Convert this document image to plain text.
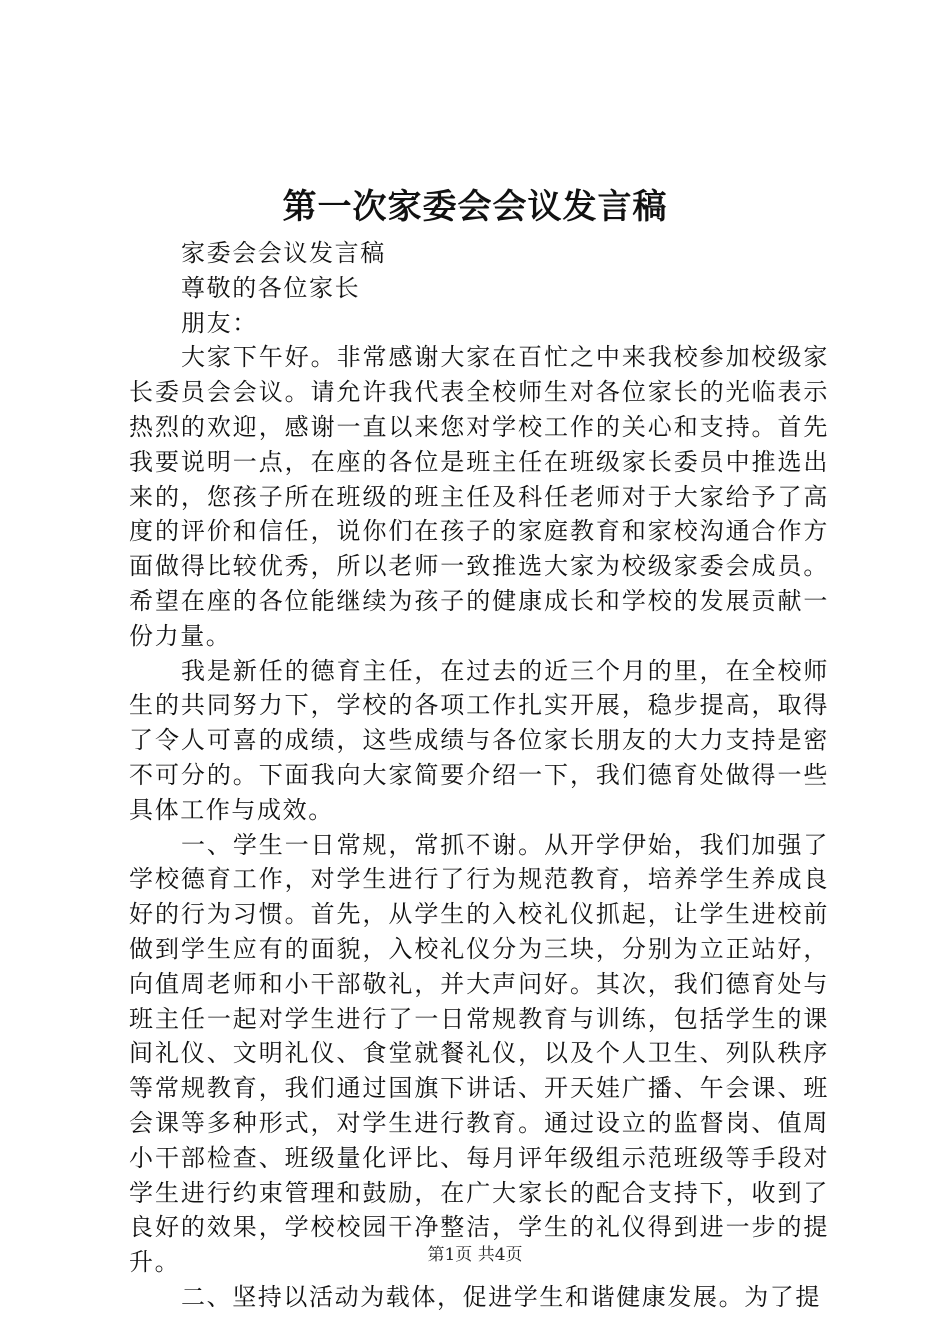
第一次家委会会议发言稿

家委会会议发言稿

尊敬的各位家长

朋友：

大家下午好。非常感谢大家在百忙之中来我校参加校级家长委员会会议。请允许我代表全校师生对各位家长的光临表示热烈的欢迎，感谢一直以来您对学校工作的关心和支持。首先我要说明一点，在座的各位是班主任在班级家长委员中推选出来的，您孩子所在班级的班主任及科任老师对于大家给予了高度的评价和信任，说你们在孩子的家庭教育和家校沟通合作方面做得比较优秀，所以老师一致推选大家为校级家委会成员。希望在座的各位能继续为孩子的健康成长和学校的发展贡献一份力量。

我是新任的德育主任，在过去的近三个月的里，在全校师生的共同努力下，学校的各项工作扎实开展，稳步提高，取得了令人可喜的成绩，这些成绩与各位家长朋友的大力支持是密不可分的。下面我向大家简要介绍一下，我们德育处做得一些具体工作与成效。

一、学生一日常规，常抓不谢。从开学伊始，我们加强了学校德育工作，对学生进行了行为规范教育，培养学生养成良好的行为习惯。首先，从学生的入校礼仪抓起，让学生进校前做到学生应有的面貌，入校礼仪分为三块，分别为立正站好，向值周老师和小干部敬礼，并大声问好。其次，我们德育处与班主任一起对学生进行了一日常规教育与训练，包括学生的课间礼仪、文明礼仪、食堂就餐礼仪，以及个人卫生、列队秩序等常规教育，我们通过国旗下讲话、开天娃广播、午会课、班会课等多种形式，对学生进行教育。通过设立的监督岗、值周小干部检查、班级量化评比、每月评年级组示范班级等手段对学生进行约束管理和鼓励，在广大家长的配合支持下，收到了良好的效果，学校校园干净整洁，学生的礼仪得到进一步的提升。

二、坚持以活动为载体，促进学生和谐健康发展。为了提

第1页 共4页
